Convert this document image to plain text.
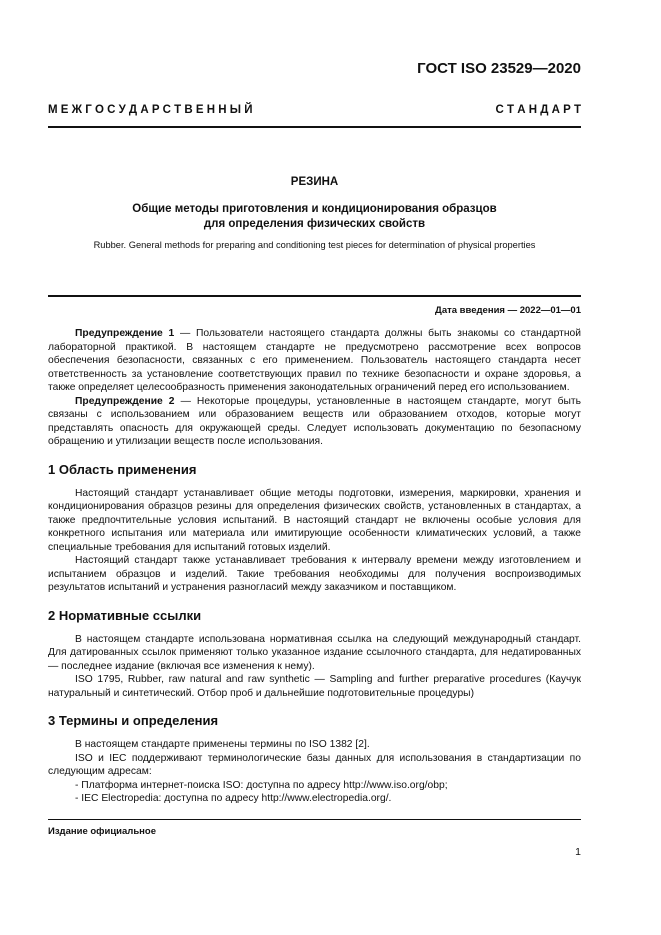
ГОСТ ISO 23529—2020
М Е Ж Г О С У Д А Р С Т В Е Н Н Ы Й	С Т А Н Д А Р Т
РЕЗИНА
Общие методы приготовления и кондиционирования образцов
для определения физических свойств
Rubber. General methods for preparing and conditioning test pieces for determination of physical properties
Дата введения — 2022—01—01

Предупреждение 1 — Пользователи настоящего стандарта должны быть знакомы со стандартной лабораторной практикой. В настоящем стандарте не предусмотрено рассмотрение всех вопросов обеспечения безопасности, связанных с его применением. Пользователь настоящего стандарта несет ответственность за установление соответствующих правил по технике безопасности и охране здоровья, а также определяет целесообразность применения законодательных ограничений перед его использованием.

Предупреждение 2 — Некоторые процедуры, установленные в настоящем стандарте, могут быть связаны с использованием или образованием веществ или образованием отходов, которые могут представлять опасность для окружающей среды. Следует использовать документацию по безопасному обращению и утилизации веществ после использования.

1 Область применения

Настоящий стандарт устанавливает общие методы подготовки, измерения, маркировки, хранения и кондиционирования образцов резины для определения физических свойств, установленных в стандартах, а также предпочтительные условия испытаний. В настоящий стандарт не включены особые условия для конкретного испытания или материала или имитирующие особенности климатических условий, а также специальные требования для испытаний готовых изделий.

Настоящий стандарт также устанавливает требования к интервалу времени между изготовлением и испытанием образцов и изделий. Такие требования необходимы для получения воспроизводимых результатов испытаний и устранения разногласий между заказчиком и поставщиком.

2 Нормативные ссылки

В настоящем стандарте использована нормативная ссылка на следующий международный стандарт. Для датированных ссылок применяют только указанное издание ссылочного стандарта, для недатированных — последнее издание (включая все изменения к нему).

ISO 1795, Rubber, raw natural and raw synthetic — Sampling and further preparative procedures (Каучук натуральный и синтетический. Отбор проб и дальнейшие подготовительные процедуры)

3 Термины и определения

В настоящем стандарте применены термины по ISO 1382 [2].

ISO и IEC поддерживают терминологические базы данных для использования в стандартизации по следующим адресам:

- Платформа интернет-поиска ISO: доступна по адресу http://www.iso.org/obp;

- IEC Electropedia: доступна по адресу http://www.electropedia.org/.

Издание официальное
1
